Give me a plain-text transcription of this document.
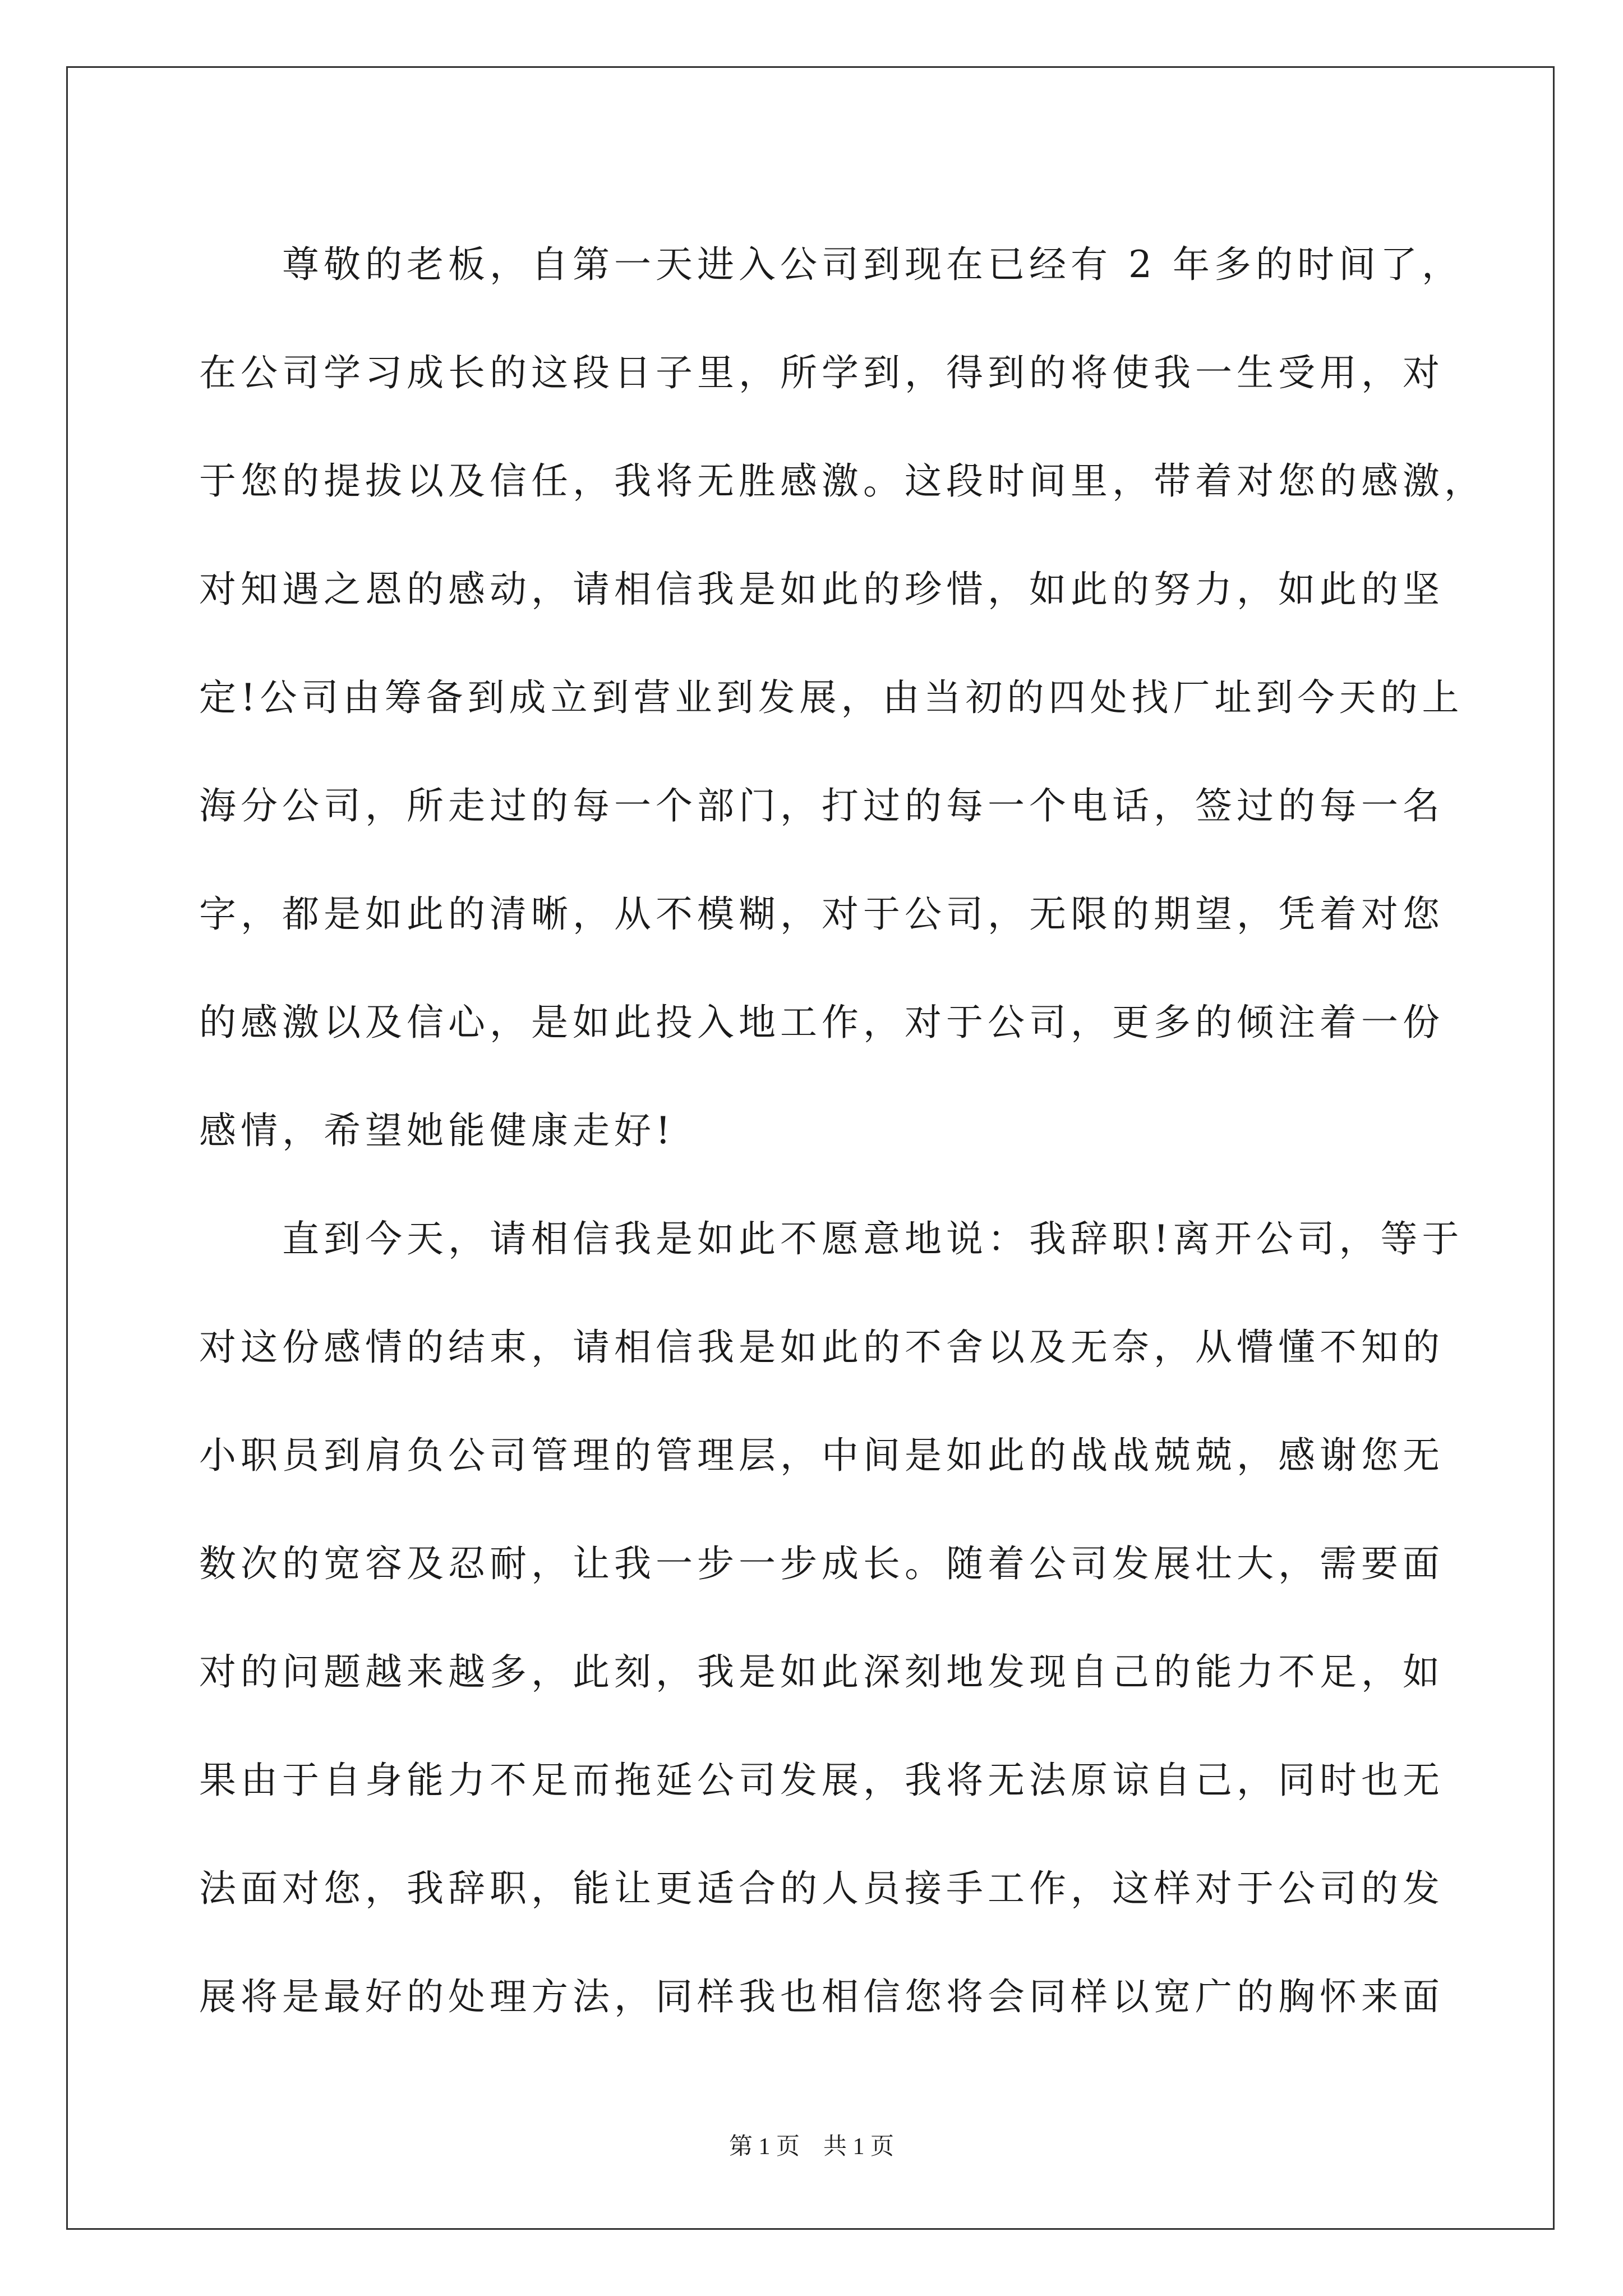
尊敬的老板，自第一天进入公司到现在已经有 2 年多的时间了，
在公司学习成长的这段日子里，所学到，得到的将使我一生受用，对
于您的提拔以及信任，我将无胜感激。这段时间里，带着对您的感激，
对知遇之恩的感动，请相信我是如此的珍惜，如此的努力，如此的坚
定!公司由筹备到成立到营业到发展，由当初的四处找厂址到今天的上
海分公司，所走过的每一个部门，打过的每一个电话，签过的每一名
字，都是如此的清晰，从不模糊，对于公司，无限的期望，凭着对您
的感激以及信心，是如此投入地工作，对于公司，更多的倾注着一份
感情，希望她能健康走好!
直到今天，请相信我是如此不愿意地说：我辞职!离开公司，等于
对这份感情的结束，请相信我是如此的不舍以及无奈，从懵懂不知的
小职员到肩负公司管理的管理层，中间是如此的战战兢兢，感谢您无
数次的宽容及忍耐，让我一步一步成长。随着公司发展壮大，需要面
对的问题越来越多，此刻，我是如此深刻地发现自己的能力不足，如
果由于自身能力不足而拖延公司发展，我将无法原谅自己，同时也无
法面对您，我辞职，能让更适合的人员接手工作，这样对于公司的发
展将是最好的处理方法，同样我也相信您将会同样以宽广的胸怀来面
第 1 页 共 1 页
